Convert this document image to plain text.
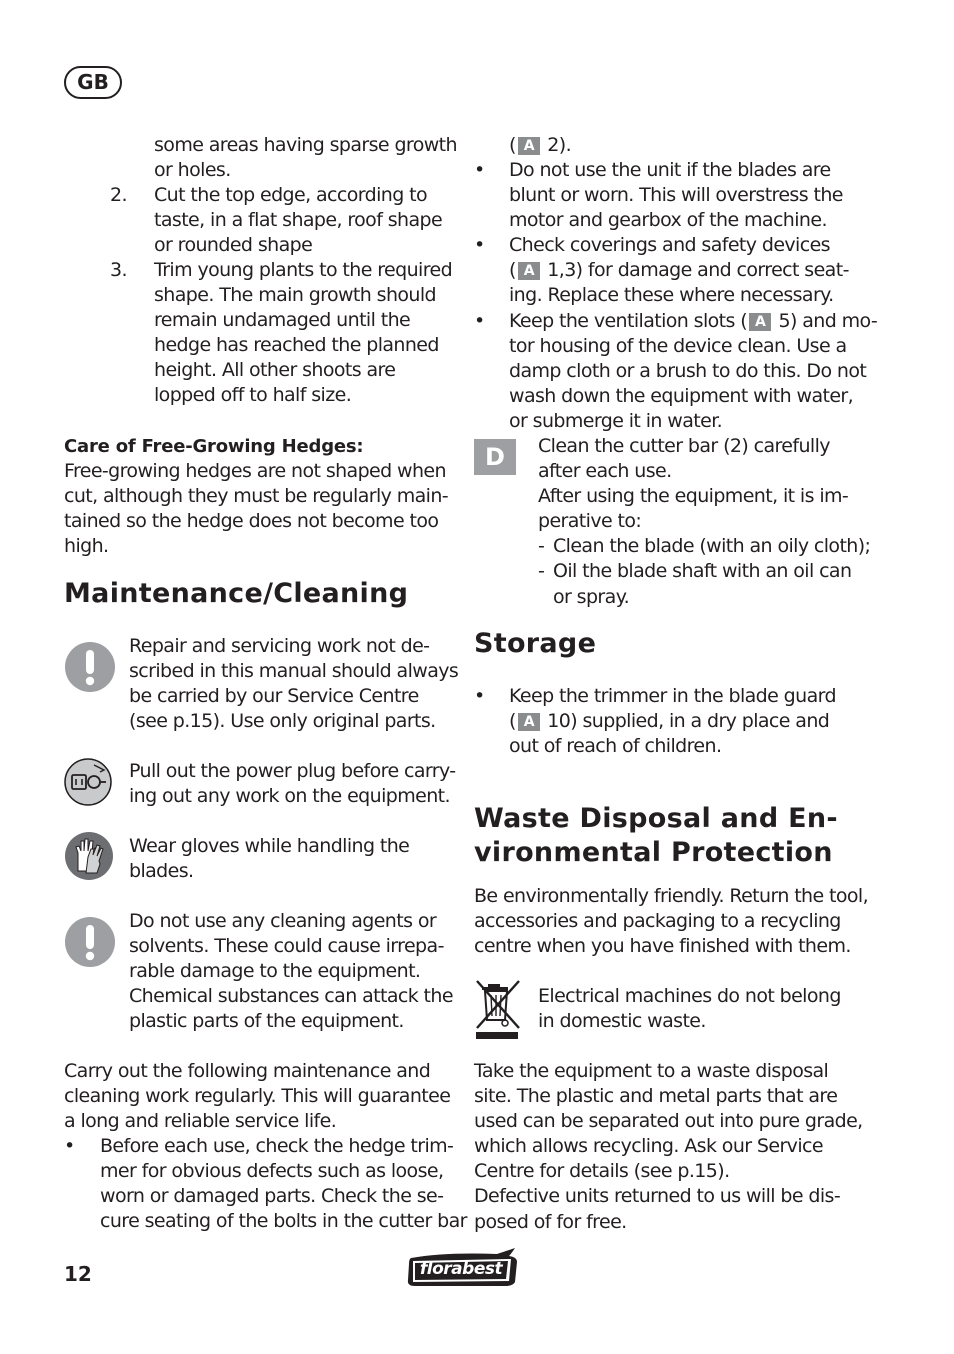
GB
some areas having sparse growth
or holes.
2. Cut the top edge, according to
taste, in a flat shape, roof shape
or rounded shape
3. Trim young plants to the required
shape. The main growth should
remain undamaged until the
hedge has reached the planned
height. All other shoots are
lopped off to half size.
Care of Free-Growing Hedges:
Free-growing hedges are not shaped when
cut, although they must be regularly main-
tained so the hedge does not become too
high.
Maintenance/Cleaning
Repair and servicing work not de-
scribed in this manual should always
be carried by our Service Centre
(see p.15). Use only original parts.
Pull out the power plug before carry-
ing out any work on the equipment.
Wear gloves while handling the
blades.
Do not use any cleaning agents or
solvents. These could cause irrepa-
rable damage to the equipment.
Chemical substances can attack the
plastic parts of the equipment.
Carry out the following maintenance and
cleaning work regularly. This will guarantee
a long and reliable service life.
• Before each use, check the hedge trim-
mer for obvious defects such as loose,
worn or damaged parts. Check the se-
cure seating of the bolts in the cutter bar
( A 2).
• Do not use the unit if the blades are
blunt or worn. This will overstress the
motor and gearbox of the machine.
• Check coverings and safety devices
( A 1,3) for damage and correct seat-
ing. Replace these where necessary.
• Keep the ventilation slots ( A 5) and mo-
tor housing of the device clean. Use a
damp cloth or a brush to do this. Do not
wash down the equipment with water,
or submerge it in water.
D	Clean the cutter bar (2) carefully
after each use.
After using the equipment, it is im-
perative to:
- Clean the blade (with an oily cloth);
- Oil the blade shaft with an oil can
or spray.
Storage
• Keep the trimmer in the blade guard
( A 10) supplied, in a dry place and
out of reach of children.
Waste Disposal and En-
vironmental Protection
Be environmentally friendly. Return the tool,
accessories and packaging to a recycling
centre when you have finished with them.
Electrical machines do not belong
in domestic waste.
Take the equipment to a waste disposal
site. The plastic and metal parts that are
used can be separated out into pure grade,
which allows recycling. Ask our Service
Centre for details (see p.15).
Defective units returned to us will be dis-
posed of for free.
12	florabest
